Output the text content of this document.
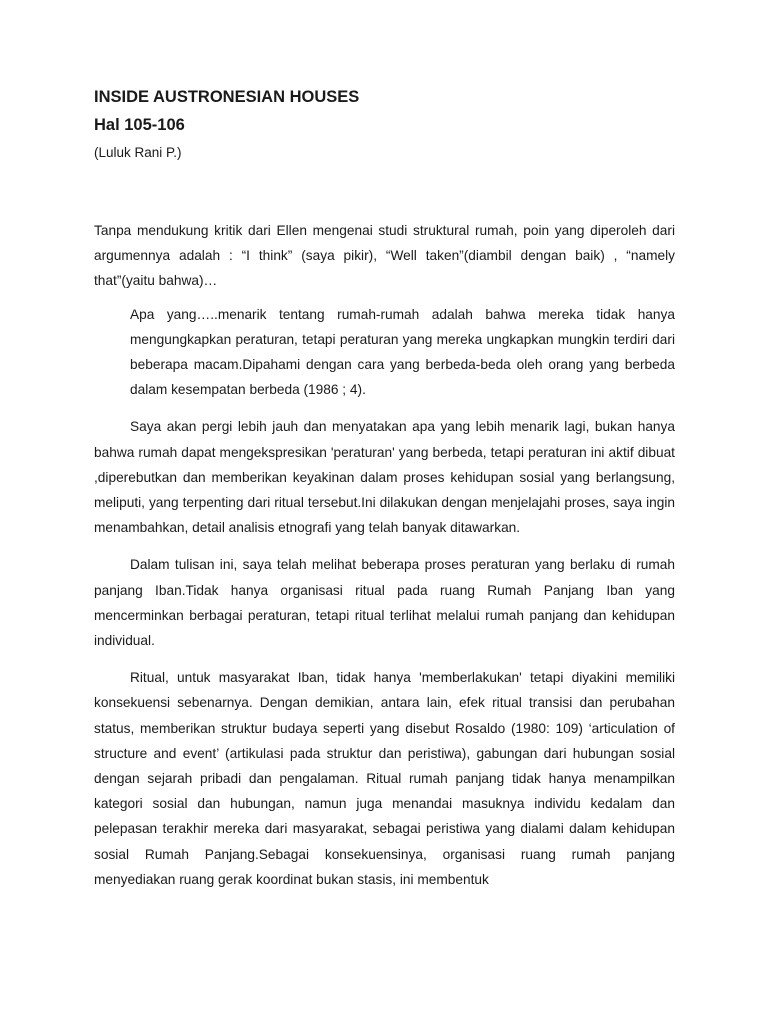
INSIDE AUSTRONESIAN HOUSES
Hal 105-106
(Luluk Rani P.)

Tanpa mendukung kritik dari Ellen mengenai studi struktural rumah, poin yang diperoleh dari argumennya adalah : “I think” (saya pikir), “Well taken”(diambil dengan baik) , “namely that”(yaitu bahwa)…

Apa yang…..menarik tentang rumah-rumah adalah bahwa mereka tidak hanya mengungkapkan peraturan, tetapi peraturan yang mereka ungkapkan mungkin terdiri dari beberapa macam.Dipahami dengan cara yang berbeda-beda oleh orang yang berbeda dalam kesempatan berbeda (1986 ; 4).

Saya akan pergi lebih jauh dan menyatakan apa yang lebih menarik lagi, bukan hanya bahwa rumah dapat mengekspresikan 'peraturan' yang berbeda, tetapi peraturan ini aktif dibuat ,diperebutkan dan memberikan keyakinan dalam proses kehidupan sosial yang berlangsung, meliputi, yang terpenting dari ritual tersebut.Ini dilakukan dengan menjelajahi proses, saya ingin menambahkan, detail analisis etnografi yang telah banyak ditawarkan.

Dalam tulisan ini, saya telah melihat beberapa proses peraturan yang berlaku di rumah panjang Iban.Tidak hanya organisasi ritual pada ruang Rumah Panjang Iban yang mencerminkan berbagai peraturan, tetapi ritual terlihat melalui rumah panjang dan kehidupan individual.

Ritual, untuk masyarakat Iban, tidak hanya 'memberlakukan' tetapi diyakini memiliki konsekuensi sebenarnya. Dengan demikian, antara lain, efek ritual transisi dan perubahan status, memberikan struktur budaya seperti yang disebut Rosaldo (1980: 109) ‘articulation of structure and event’ (artikulasi pada struktur dan peristiwa), gabungan dari hubungan sosial dengan sejarah pribadi dan pengalaman. Ritual rumah panjang tidak hanya menampilkan kategori sosial dan hubungan, namun juga menandai masuknya individu kedalam dan pelepasan terakhir mereka dari masyarakat, sebagai peristiwa yang dialami dalam kehidupan sosial Rumah Panjang.Sebagai konsekuensinya, organisasi ruang rumah panjang menyediakan ruang gerak koordinat bukan stasis, ini membentuk
